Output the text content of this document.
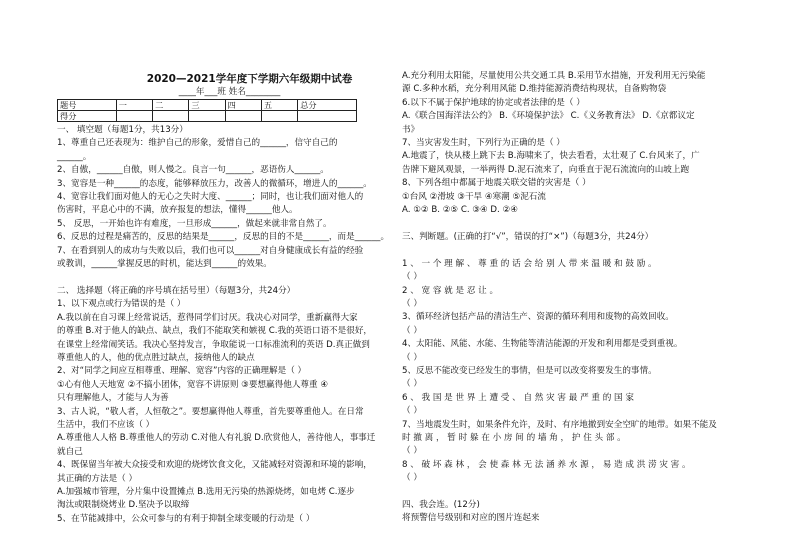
2020—2021学年度下学期六年级期中试卷
____年___班 姓名________
题号	一	二	三	四	五	总分
得分						
一、 填空题（每题1分，共13分）
1、尊重自己还表现为：维护自己的形象，爱惜自己的______，信守自己的
______。
2、自傲，______自傲，则人慢之。良言一句______，恶语伤人______。
3、宽容是一种______的态度，能够释放压力，改善人的微循环，增进人的______。
4、宽容让我们面对他人的无心之失时大度、______；同时，也让我们面对他人的
伤害时，平息心中的不满，放弃报复的想法，懂得______他人。
5、 反思，一开始也许有难度，一旦形成______，做起来就非常自然了。
6、反思的过程是痛苦的，反思的结果是______，反思的目的不是______，而是______。
7、在看到别人的成功与失败以后，我们也可以______对自身健康成长有益的经验
或教训，______掌握反思的时机，能达到______的效果。

二、 选择题（将正确的序号填在括号里）（每题3分，共24分）
1、以下观点或行为错误的是（ ）
A.我以前在自习课上经常说话，惹得同学们讨厌。我决心对同学，重新赢得大家
的尊重 B.对于他人的缺点、缺点，我们不能取笑和嫉视 C.我的英语口语不是很好，
在课堂上经常闹笑话。我决心坚持发言，争取能说一口标准流利的英语 D.真正做到
尊重他人的人，他的优点胜过缺点，接纳他人的缺点
2、对“同学之间应互相尊重、理解、宽容”内容的正确理解是（ ）
①心有他人天地宽 ②不搞小团体，宽容不讲原则 ③要想赢得他人尊重 ④
只有理解他人，才能与人为善
3、古人说，“敬人者，人恒敬之”。要想赢得他人尊重，首先要尊重他人。在日常
生活中，我们不应该（ ）
A.尊重他人人格 B.尊重他人的劳动 C.对他人有礼貌 D.欣赏他人，善待他人，事事迁
就自己
4、既保留当年被大众接受和欢迎的烧烤饮食文化，又能减轻对资源和环境的影响，
其正确的方法是（ ）
A.加强城市管理，分片集中设置摊点 B.选用无污染的热源烧烤，如电烤 C.逐步
淘汰或限制烧烤业 D.坚决予以取缔
5、在节能减排中，公众可参与的有利于抑制全球变暖的行动是（ ）
A.充分利用太阳能，尽量使用公共交通工具 B.采用节水措施，开发利用无污染能
源 C.多种水稻，充分利用风能 D.维持能源消费结构现状，自备购物袋
6.以下不属于保护地球的协定或者法律的是（ ）
A.《联合国海洋法公约》 B.《环境保护法》 C.《义务教育法》 D.《京都议定
书》
7、当灾害发生时，下列行为正确的是（ ）
A.地震了，快从楼上跳下去 B.海啸来了，快去看看，太壮观了 C.台风来了，广
告牌下避风观景，一举两得 D.泥石流来了，向垂直于泥石流流向的山坡上跑
8、下列各组中都属于地震关联交错的灾害是（ ）
①台风 ②滑坡 ③干旱 ④寒潮 ⑤泥石流
A. ①② B. ②⑤ C. ③④ D. ②④

三、判断题。(正确的打“√”，错误的打“×”)（每题3分，共24分）

1 、 一 个 理 解 、 尊 重 的 话 会 给 别 人 带 来 温 暖 和 鼓 励 。
（ ）
2 、 宽 容 就 是 忍 让 。
（ ）
3、循环经济包括产品的清洁生产、资源的循环利用和废物的高效回收。
（ ）
4、太阳能、风能、水能、生物能等清洁能源的开发和利用都是受到重视。
（ ）
5、反思不能改变已经发生的事情，但是可以改变将要发生的事情。
（ ）
6 、 我 国 是 世 界 上 遭 受 、 自 然 灾 害 最 严 重 的 国 家
（ ）
7、当地震发生时，如果条件允许，及时、有序地撤到安全空旷的地带。如果不能及
时 撤 离 ， 暂 时 躲 在 小 房 间 的 墙 角 ， 护 住 头 部 。
（ ）
8 、 破 坏 森 林 ， 会 使 森 林 无 法 涵 养 水 源 ， 易 造 成 洪 涝 灾 害 。
（ ）

四、我会连。(12分)
将预警信号级别和对应的图片连起来
